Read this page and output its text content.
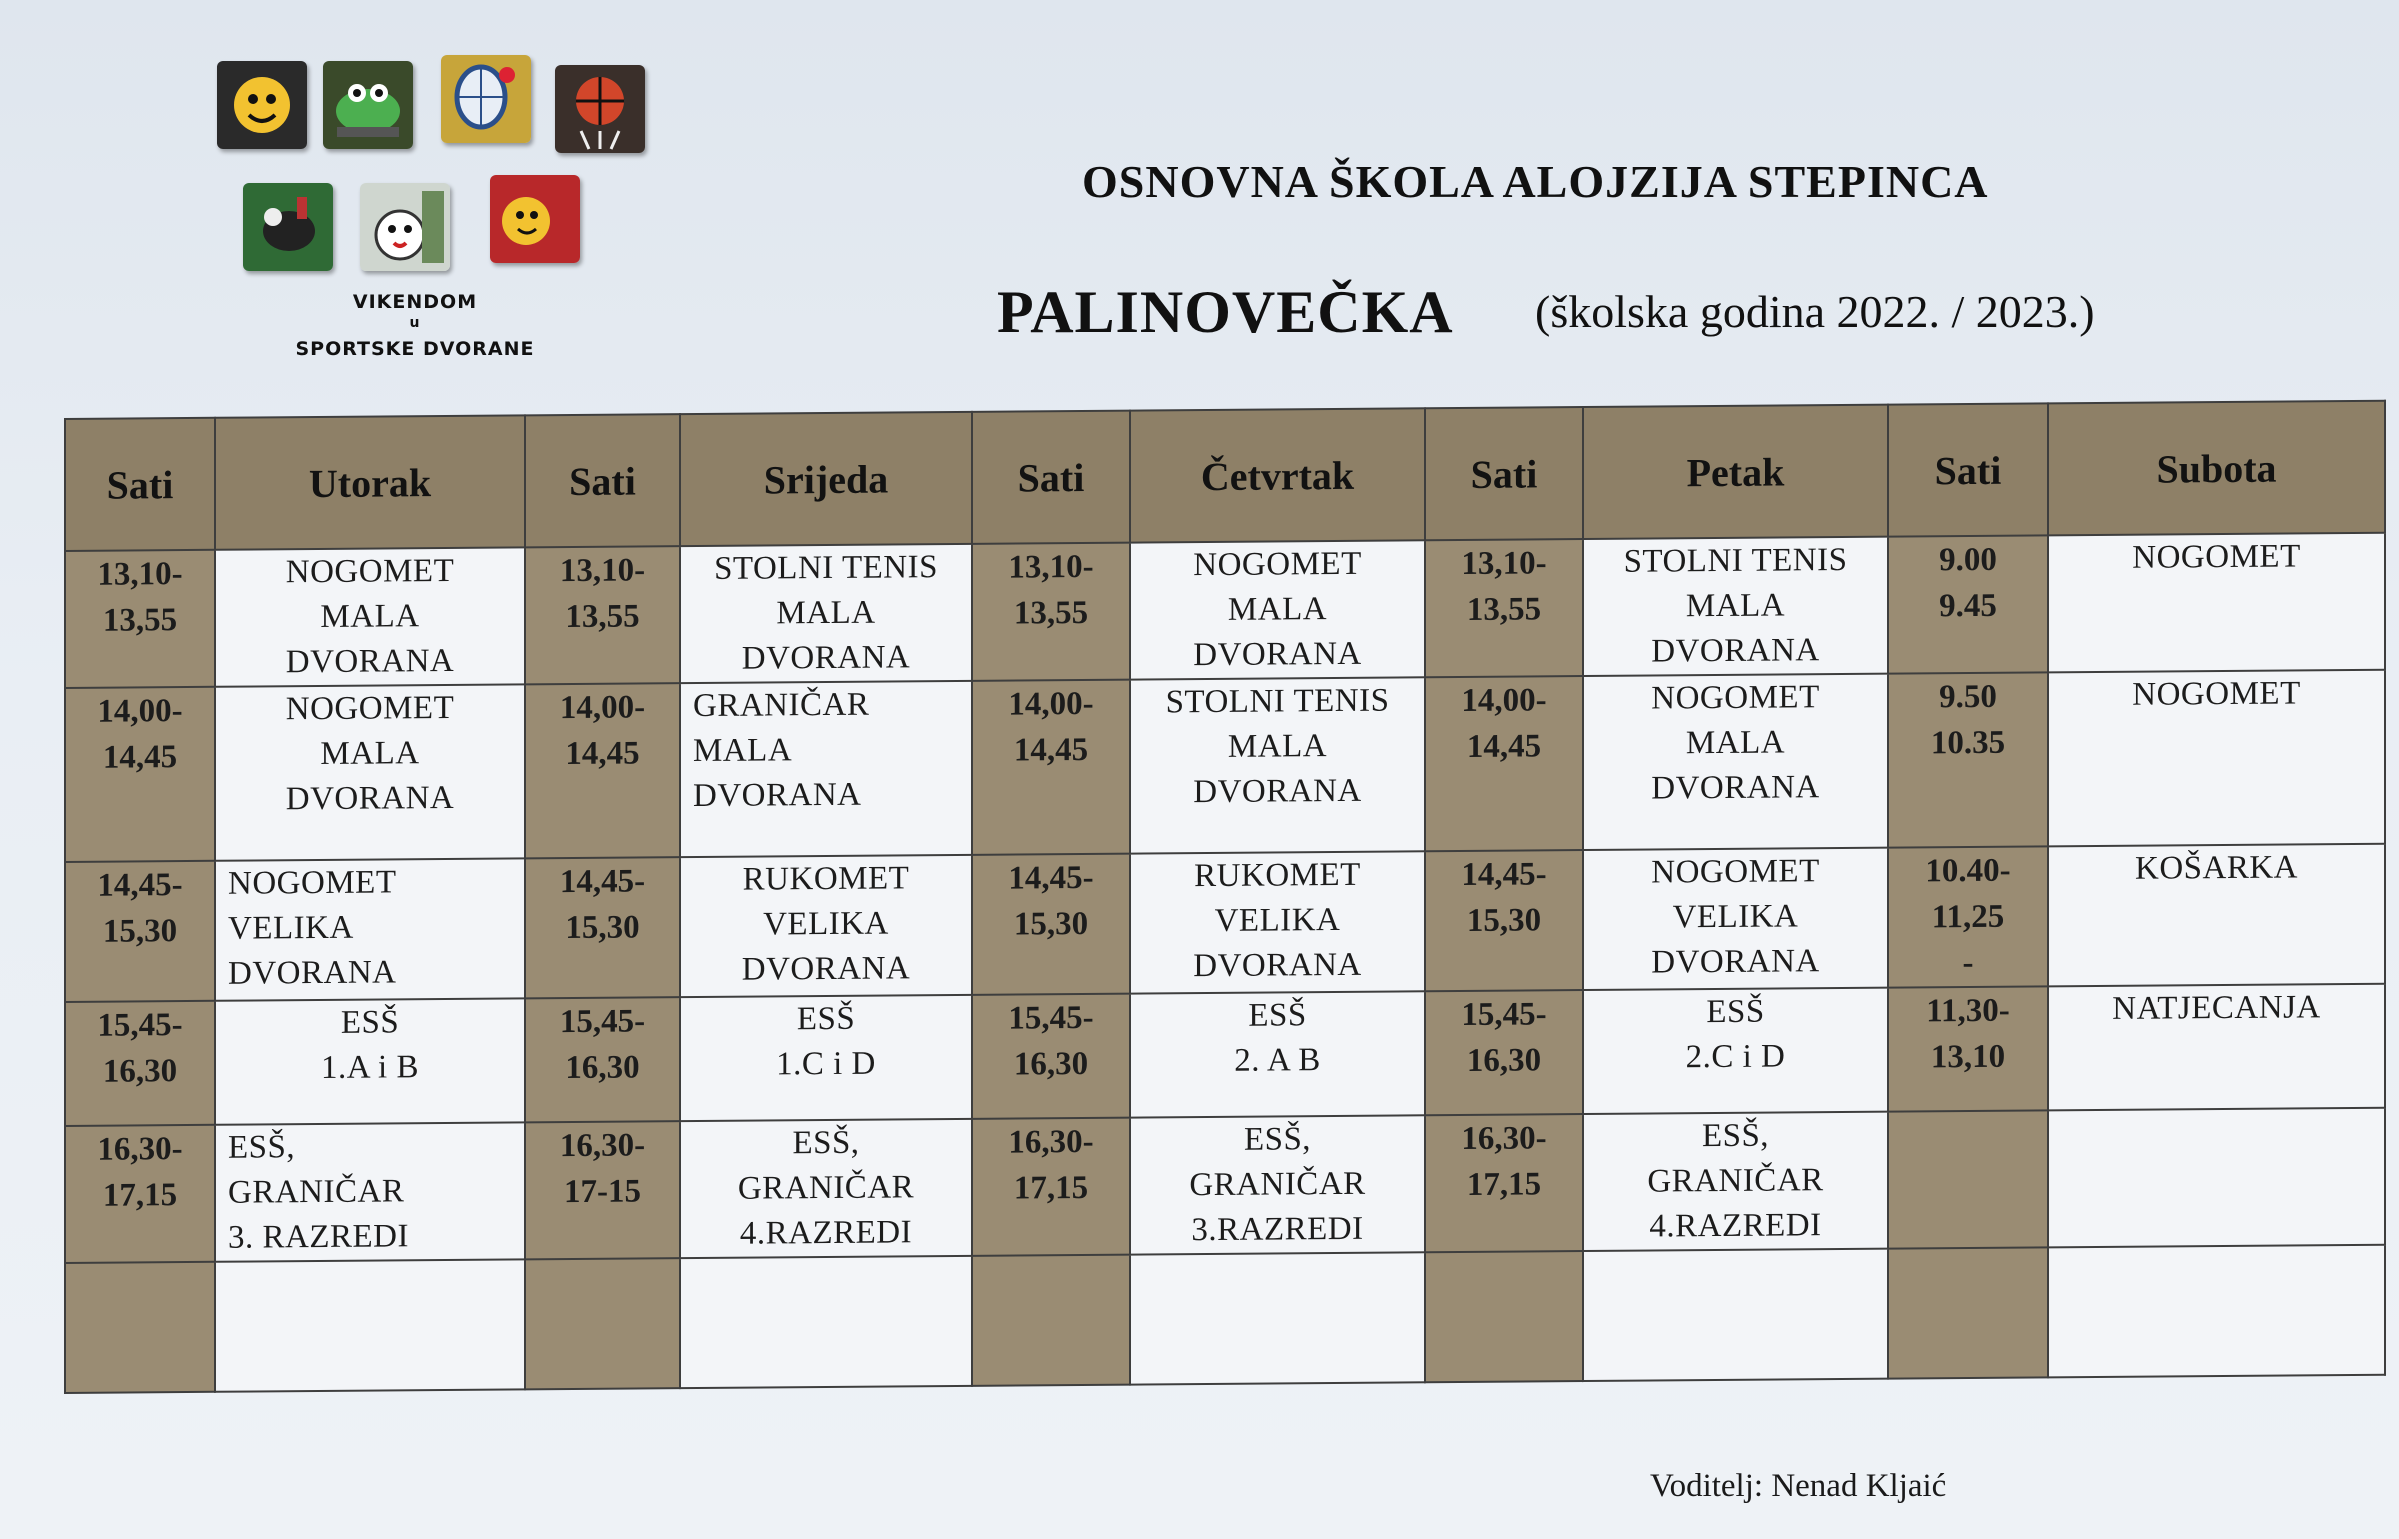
VIKENDOM
u
SPORTSKE DVORANE
OSNOVNA ŠKOLA ALOJZIJA STEPINCA
PALINOVEČKA (školska godina 2022. / 2023.)
Sati	Utorak	Sati	Srijeda	Sati	Četvrtak	Sati	Petak	Sati	Subota
13,10-
13,55	NOGOMET
MALA
DVORANA	13,10-
13,55	STOLNI TENIS
MALA
DVORANA	13,10-
13,55	NOGOMET
MALA
DVORANA	13,10-
13,55	STOLNI TENIS
MALA
DVORANA	9.00
9.45	NOGOMET
14,00-
14,45	NOGOMET
MALA
DVORANA	14,00-
14,45	GRANIČAR
MALA
DVORANA	14,00-
14,45	STOLNI TENIS
MALA
DVORANA	14,00-
14,45	NOGOMET
MALA
DVORANA	9.50
10.35	NOGOMET
14,45-
15,30	NOGOMET
VELIKA
DVORANA	14,45-
15,30	RUKOMET
VELIKA
DVORANA	14,45-
15,30	RUKOMET
VELIKA
DVORANA	14,45-
15,30	NOGOMET
VELIKA
DVORANA	10.40-
11,25
-	KOŠARKA
15,45-
16,30	ESŠ
1.A i B	15,45-
16,30	ESŠ
1.C i D	15,45-
16,30	ESŠ
2. A B	15,45-
16,30	ESŠ
2.C i D	11,30-
13,10	NATJECANJA
16,30-
17,15	ESŠ,
GRANIČAR
3. RAZREDI	16,30-
17-15	ESŠ,
GRANIČAR
4.RAZREDI	16,30-
17,15	ESŠ,
GRANIČAR
3.RAZREDI	16,30-
17,15	ESŠ,
GRANIČAR
4.RAZREDI		

Voditelj: Nenad Kljaić
